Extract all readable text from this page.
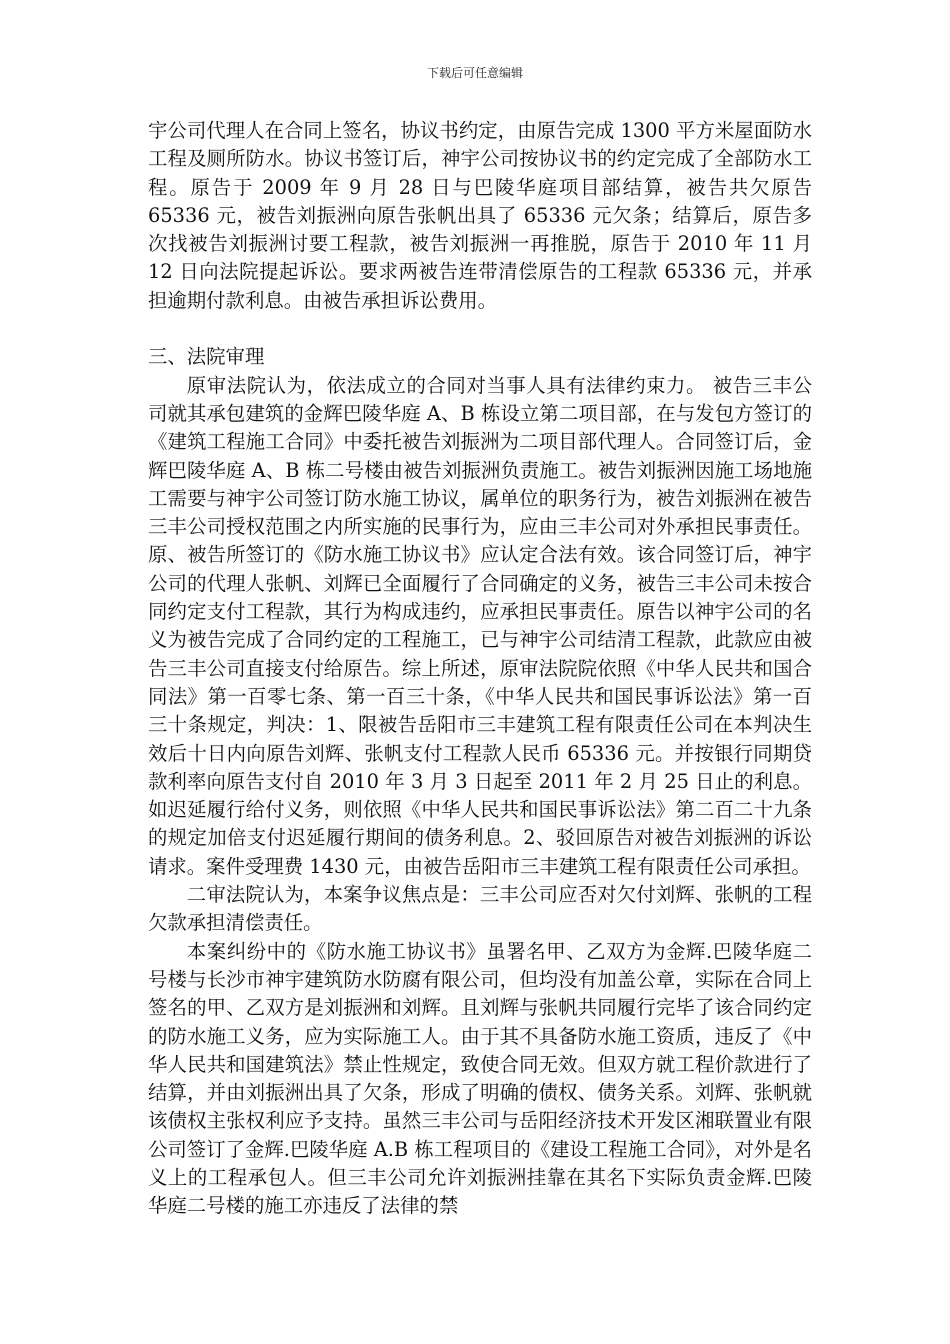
下载后可任意编辑

宇公司代理人在合同上签名，协议书约定，由原告完成 1300 平方米屋面防水工程及厕所防水。协议书签订后，神宇公司按协议书的约定完成了全部防水工程。原告于 2009 年 9 月 28 日与巴陵华庭项目部结算，被告共欠原告 65336 元，被告刘振洲向原告张帆出具了 65336 元欠条；结算后，原告多次找被告刘振洲讨要工程款，被告刘振洲一再推脱，原告于 2010 年 11 月 12 日向法院提起诉讼。要求两被告连带清偿原告的工程款 65336 元，并承担逾期付款利息。由被告承担诉讼费用。

三、法院审理

原审法院认为，依法成立的合同对当事人具有法律约束力。 被告三丰公司就其承包建筑的金辉巴陵华庭 A、B 栋设立第二项目部，在与发包方签订的《建筑工程施工合同》中委托被告刘振洲为二项目部代理人。合同签订后，金辉巴陵华庭 A、B 栋二号楼由被告刘振洲负责施工。被告刘振洲因施工场地施工需要与神宇公司签订防水施工协议，属单位的职务行为，被告刘振洲在被告三丰公司授权范围之内所实施的民事行为，应由三丰公司对外承担民事责任。原、被告所签订的《防水施工协议书》应认定合法有效。该合同签订后，神宇公司的代理人张帆、刘辉已全面履行了合同确定的义务，被告三丰公司未按合同约定支付工程款，其行为构成违约，应承担民事责任。原告以神宇公司的名义为被告完成了合同约定的工程施工，已与神宇公司结清工程款，此款应由被告三丰公司直接支付给原告。综上所述，原审法院院依照《中华人民共和国合同法》第一百零七条、第一百三十条，《中华人民共和国民事诉讼法》第一百三十条规定，判决：1、限被告岳阳市三丰建筑工程有限责任公司在本判决生效后十日内向原告刘辉、张帆支付工程款人民币 65336 元。并按银行同期贷款利率向原告支付自 2010 年 3 月 3 日起至 2011 年 2 月 25 日止的利息。如迟延履行给付义务，则依照《中华人民共和国民事诉讼法》第二百二十九条的规定加倍支付迟延履行期间的债务利息。2、驳回原告对被告刘振洲的诉讼请求。案件受理费 1430 元，由被告岳阳市三丰建筑工程有限责任公司承担。

二审法院认为，本案争议焦点是：三丰公司应否对欠付刘辉、张帆的工程欠款承担清偿责任。

本案纠纷中的《防水施工协议书》虽署名甲、乙双方为金辉.巴陵华庭二号楼与长沙市神宇建筑防水防腐有限公司，但均没有加盖公章，实际在合同上签名的甲、乙双方是刘振洲和刘辉。且刘辉与张帆共同履行完毕了该合同约定的防水施工义务，应为实际施工人。由于其不具备防水施工资质，违反了《中华人民共和国建筑法》禁止性规定，致使合同无效。但双方就工程价款进行了结算，并由刘振洲出具了欠条，形成了明确的债权、债务关系。刘辉、张帆就该债权主张权利应予支持。虽然三丰公司与岳阳经济技术开发区湘联置业有限公司签订了金辉.巴陵华庭 A.B 栋工程项目的《建设工程施工合同》，对外是名义上的工程承包人。但三丰公司允许刘振洲挂靠在其名下实际负责金辉.巴陵华庭二号楼的施工亦违反了法律的禁
